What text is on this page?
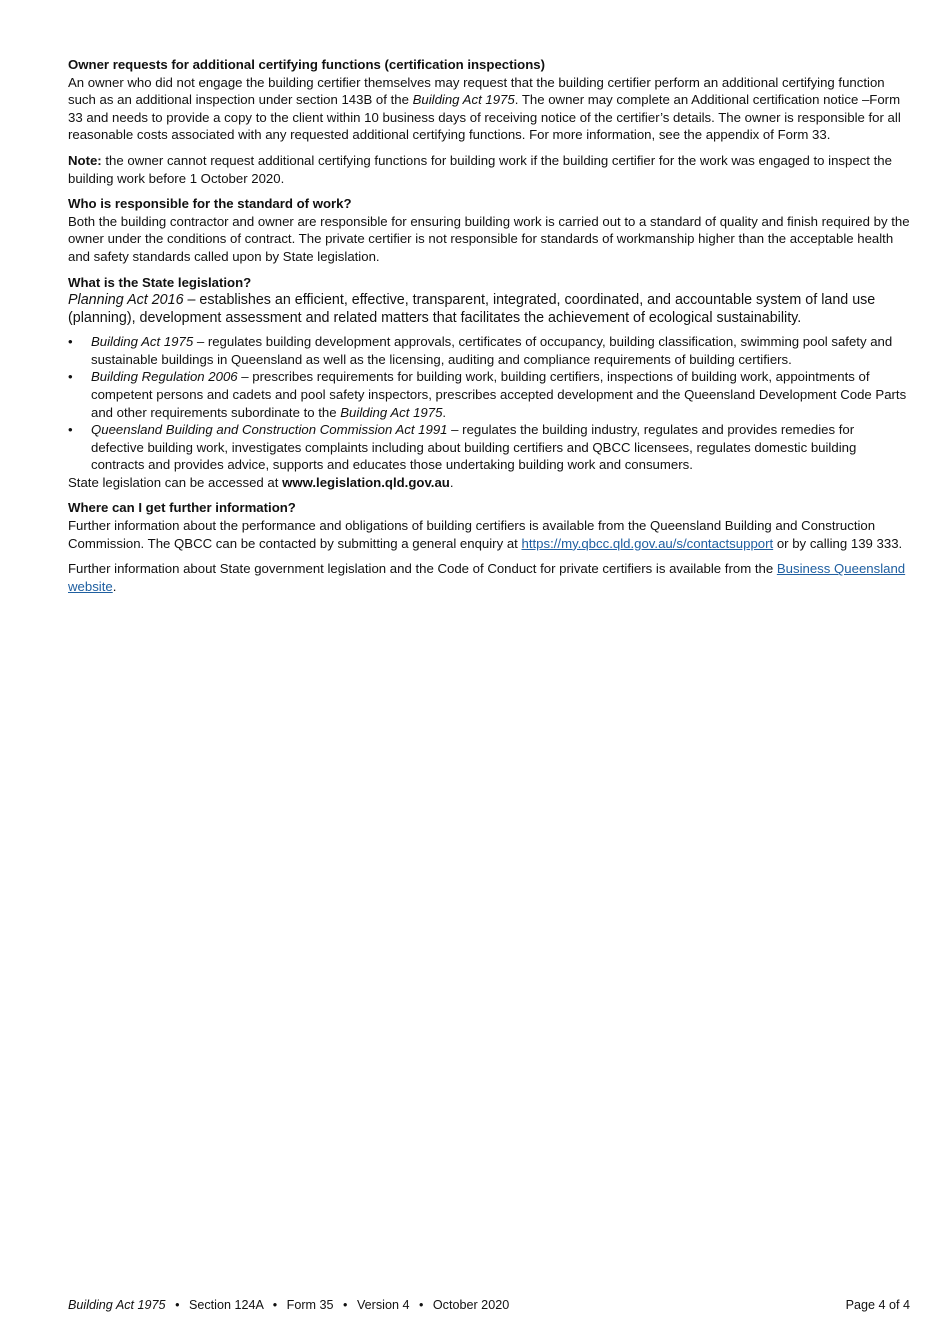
Owner requests for additional certifying functions (certification inspections)

An owner who did not engage the building certifier themselves may request that the building certifier perform an additional certifying function such as an additional inspection under section 143B of the Building Act 1975. The owner may complete an Additional certification notice –Form 33 and needs to provide a copy to the client within 10 business days of receiving notice of the certifier’s details. The owner is responsible for all reasonable costs associated with any requested additional certifying functions. For more information, see the appendix of Form 33.

Note: the owner cannot request additional certifying functions for building work if the building certifier for the work was engaged to inspect the building work before 1 October 2020.

Who is responsible for the standard of work?

Both the building contractor and owner are responsible for ensuring building work is carried out to a standard of quality and finish required by the owner under the conditions of contract. The private certifier is not responsible for standards of workmanship higher than the acceptable health and safety standards called upon by State legislation.

What is the State legislation?

Planning Act 2016 – establishes an efficient, effective, transparent, integrated, coordinated, and accountable system of land use (planning), development assessment and related matters that facilitates the achievement of ecological sustainability.

• Building Act 1975 – regulates building development approvals, certificates of occupancy, building classification, swimming pool safety and sustainable buildings in Queensland as well as the licensing, auditing and compliance requirements of building certifiers.
• Building Regulation 2006 – prescribes requirements for building work, building certifiers, inspections of building work, appointments of competent persons and cadets and pool safety inspectors, prescribes accepted development and the Queensland Development Code Parts and other requirements subordinate to the Building Act 1975.
• Queensland Building and Construction Commission Act 1991 – regulates the building industry, regulates and provides remedies for defective building work, investigates complaints including about building certifiers and QBCC licensees, regulates domestic building contracts and provides advice, supports and educates those undertaking building work and consumers.

State legislation can be accessed at www.legislation.qld.gov.au.

Where can I get further information?

Further information about the performance and obligations of building certifiers is available from the Queensland Building and Construction Commission. The QBCC can be contacted by submitting a general enquiry at https://my.qbcc.qld.gov.au/s/contactsupport or by calling 139 333.

Further information about State government legislation and the Code of Conduct for private certifiers is available from the Business Queensland website.

Building Act 1975 • Section 124A • Form 35 • Version 4 • October 2020	Page 4 of 4
